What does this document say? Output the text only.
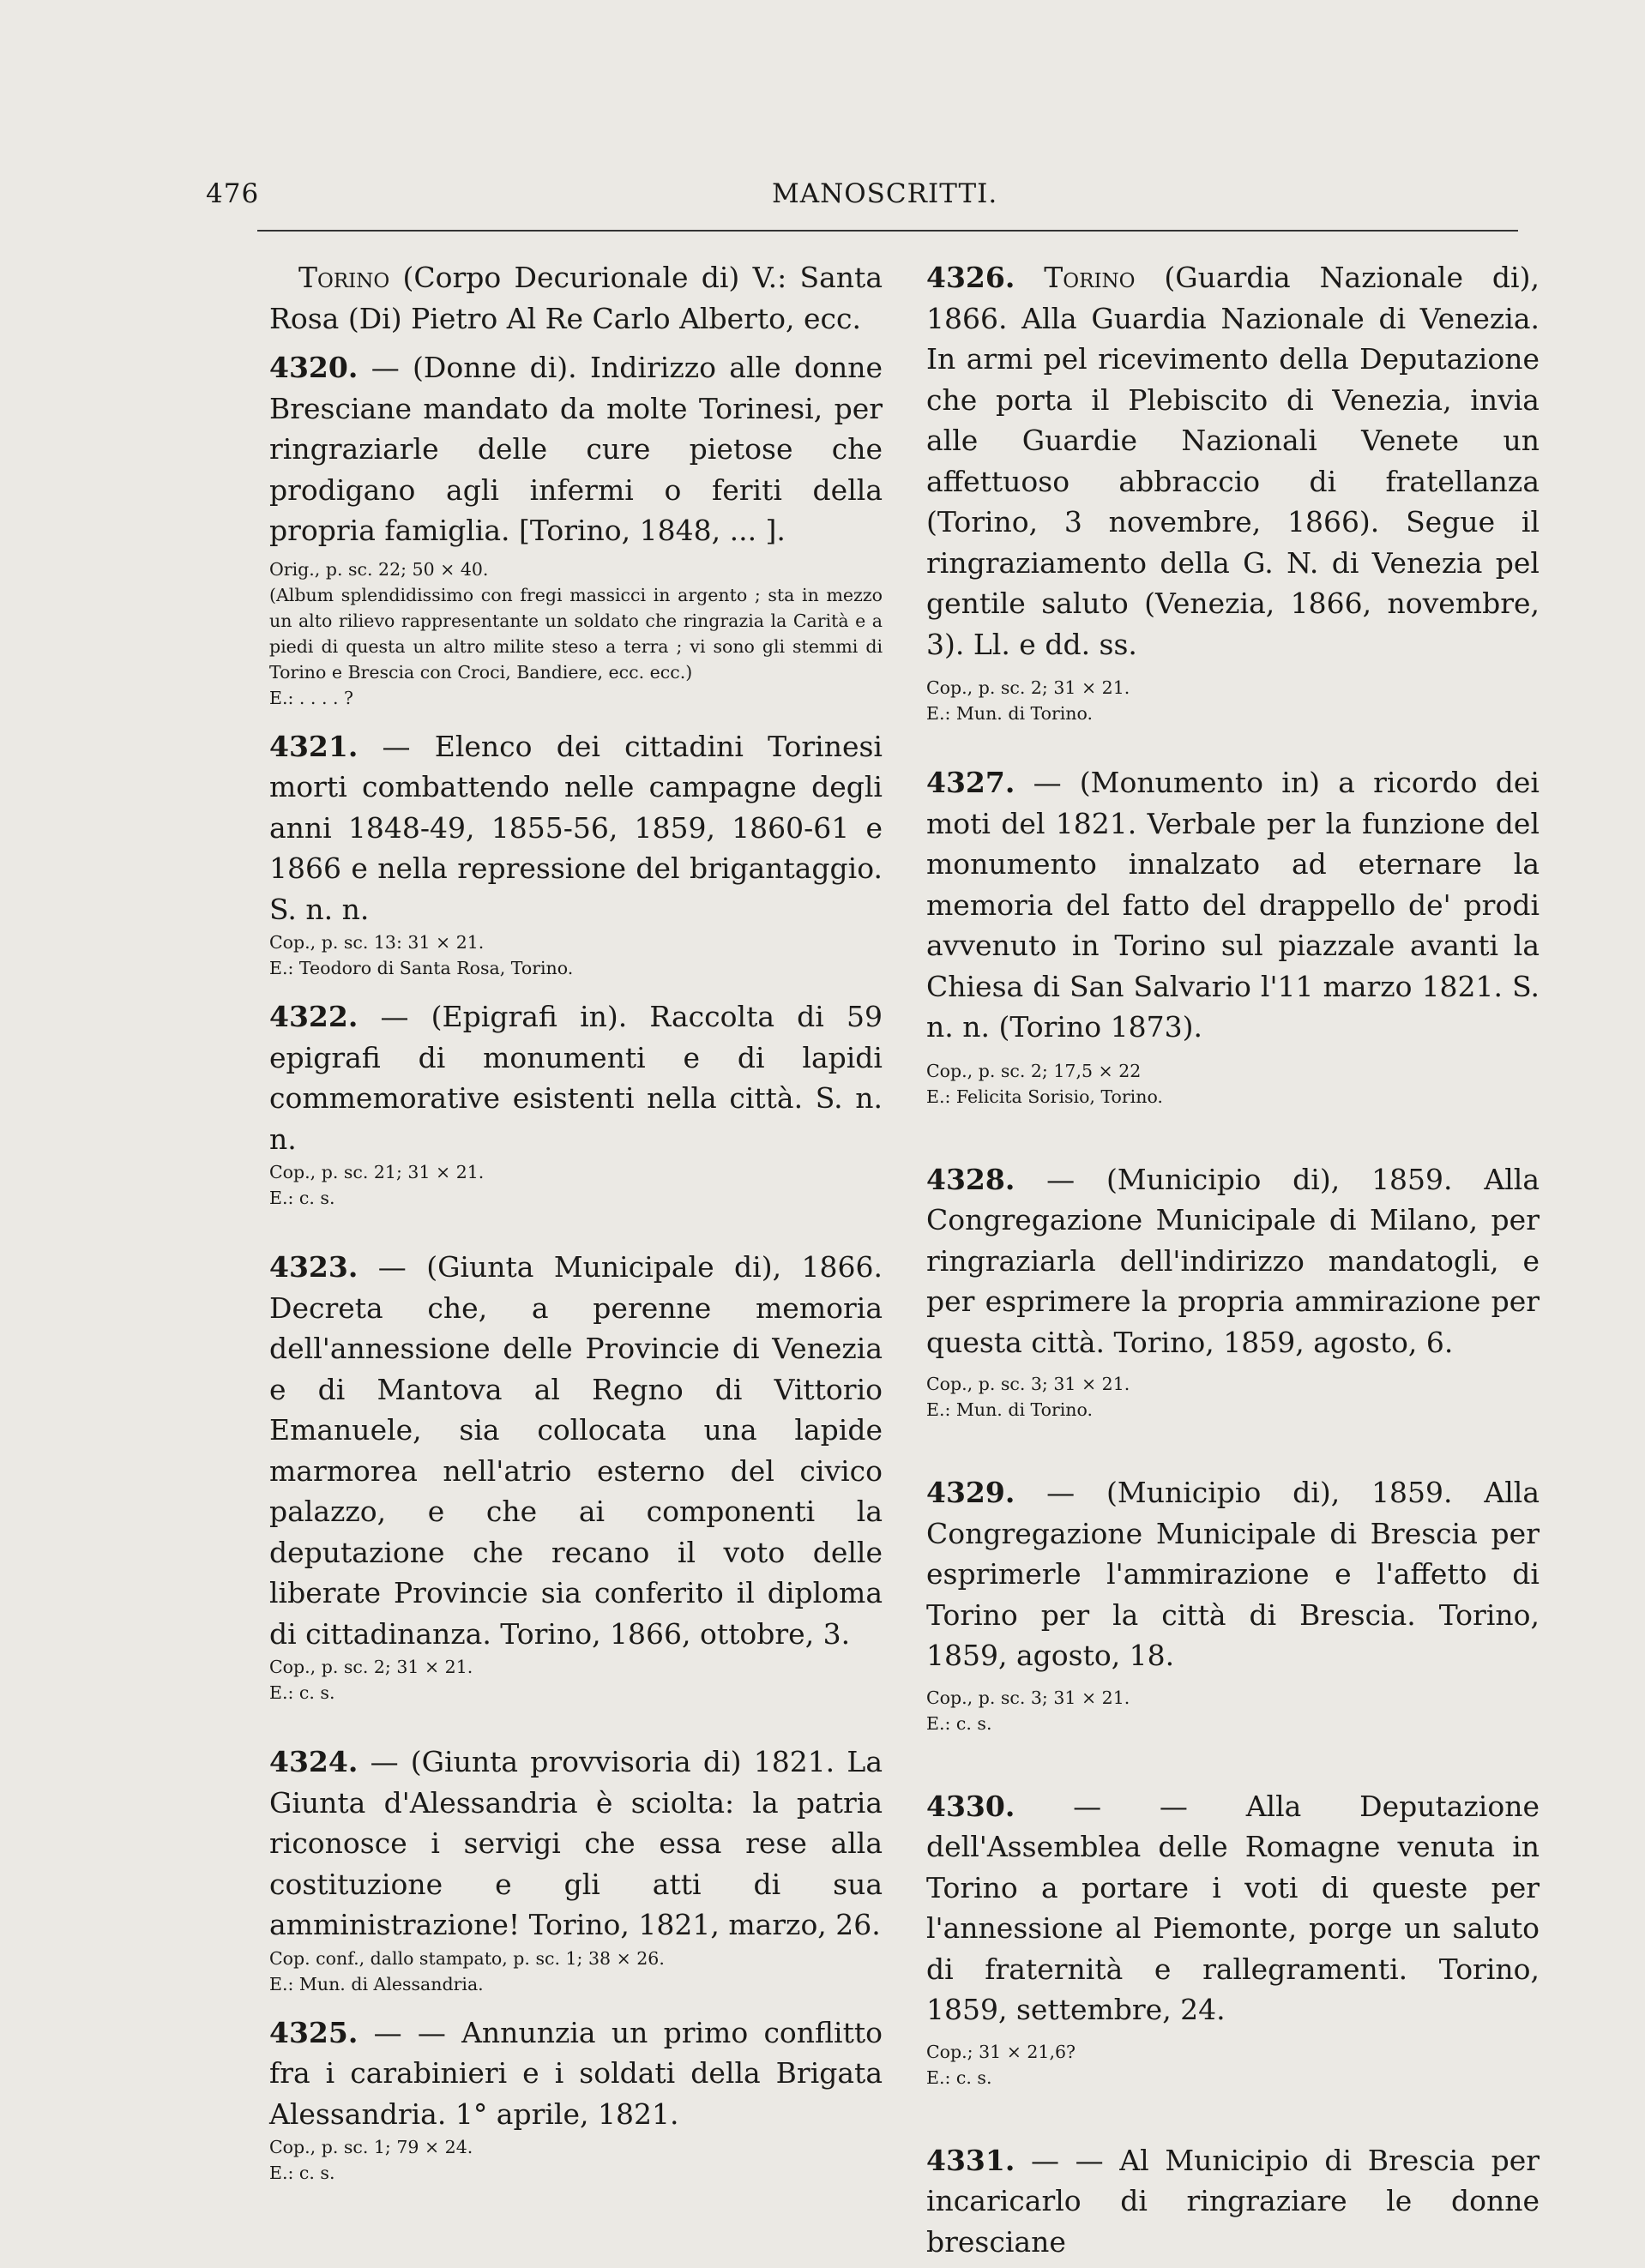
476	MANOSCRITTI.

Torino (Corpo Decurionale di) V.: Santa Rosa (Di) Pietro Al Re Carlo Alberto, ecc.

4320. — (Donne di). Indirizzo alle donne Bresciane mandato da molte Torinesi, per ringraziarle delle cure pietose che prodigano agli infermi o feriti della propria famiglia. [Torino, 1848, ... ].

Orig., p. sc. 22; 50 × 40.

(Album splendidissimo con fregi massicci in argento ; sta in mezzo un alto rilievo rappresentante un soldato che ringrazia la Carità e a piedi di questa un altro milite steso a terra ; vi sono gli stemmi di Torino e Brescia con Croci, Bandiere, ecc. ecc.)

E.: . . . . ?

4321. — Elenco dei cittadini Torinesi morti combattendo nelle campagne degli anni 1848-49, 1855-56, 1859, 1860-61 e 1866 e nella repressione del brigantaggio. S. n. n.

Cop., p. sc. 13: 31 × 21.

E.: Teodoro di Santa Rosa, Torino.

4322. — (Epigrafi in). Raccolta di 59 epigrafi di monumenti e di lapidi commemorative esistenti nella città. S. n. n.

Cop., p. sc. 21; 31 × 21.

E.: c. s.

4323. — (Giunta Municipale di), 1866. Decreta che, a perenne memoria dell'annessione delle Provincie di Venezia e di Mantova al Regno di Vittorio Emanuele, sia collocata una lapide marmorea nell'atrio esterno del civico palazzo, e che ai componenti la deputazione che recano il voto delle liberate Provincie sia conferito il diploma di cittadinanza. Torino, 1866, ottobre, 3.

Cop., p. sc. 2; 31 × 21.

E.: c. s.

4324. — (Giunta provvisoria di) 1821. La Giunta d'Alessandria è sciolta: la patria riconosce i servigi che essa rese alla costituzione e gli atti di sua amministrazione! Torino, 1821, marzo, 26.

Cop. conf., dallo stampato, p. sc. 1; 38 × 26.

E.: Mun. di Alessandria.

4325. — — Annunzia un primo conflitto fra i carabinieri e i soldati della Brigata Alessandria. 1° aprile, 1821.

Cop., p. sc. 1; 79 × 24.

E.: c. s.

4326. Torino (Guardia Nazionale di), 1866. Alla Guardia Nazionale di Venezia. In armi pel ricevimento della Deputazione che porta il Plebiscito di Venezia, invia alle Guardie Nazionali Venete un affettuoso abbraccio di fratellanza (Torino, 3 novembre, 1866). Segue il ringraziamento della G. N. di Venezia pel gentile saluto (Venezia, 1866, novembre, 3). Ll. e dd. ss.

Cop., p. sc. 2; 31 × 21.

E.: Mun. di Torino.

4327. — (Monumento in) a ricordo dei moti del 1821. Verbale per la funzione del monumento innalzato ad eternare la memoria del fatto del drappello de' prodi avvenuto in Torino sul piazzale avanti la Chiesa di San Salvario l'11 marzo 1821. S. n. n. (Torino 1873).

Cop., p. sc. 2; 17,5 × 22

E.: Felicita Sorisio, Torino.

4328. — (Municipio di), 1859. Alla Congregazione Municipale di Milano, per ringraziarla dell'indirizzo mandatogli, e per esprimere la propria ammirazione per questa città. Torino, 1859, agosto, 6.

Cop., p. sc. 3; 31 × 21.

E.: Mun. di Torino.

4329. — (Municipio di), 1859. Alla Congregazione Municipale di Brescia per esprimerle l'ammirazione e l'affetto di Torino per la città di Brescia. Torino, 1859, agosto, 18.

Cop., p. sc. 3; 31 × 21.

E.: c. s.

4330. — — Alla Deputazione dell'Assemblea delle Romagne venuta in Torino a portare i voti di queste per l'annessione al Piemonte, porge un saluto di fraternità e rallegramenti. Torino, 1859, settembre, 24.

Cop.; 31 × 21,6?

E.: c. s.

4331. — — Al Municipio di Brescia per incaricarlo di ringraziare le donne bresciane
